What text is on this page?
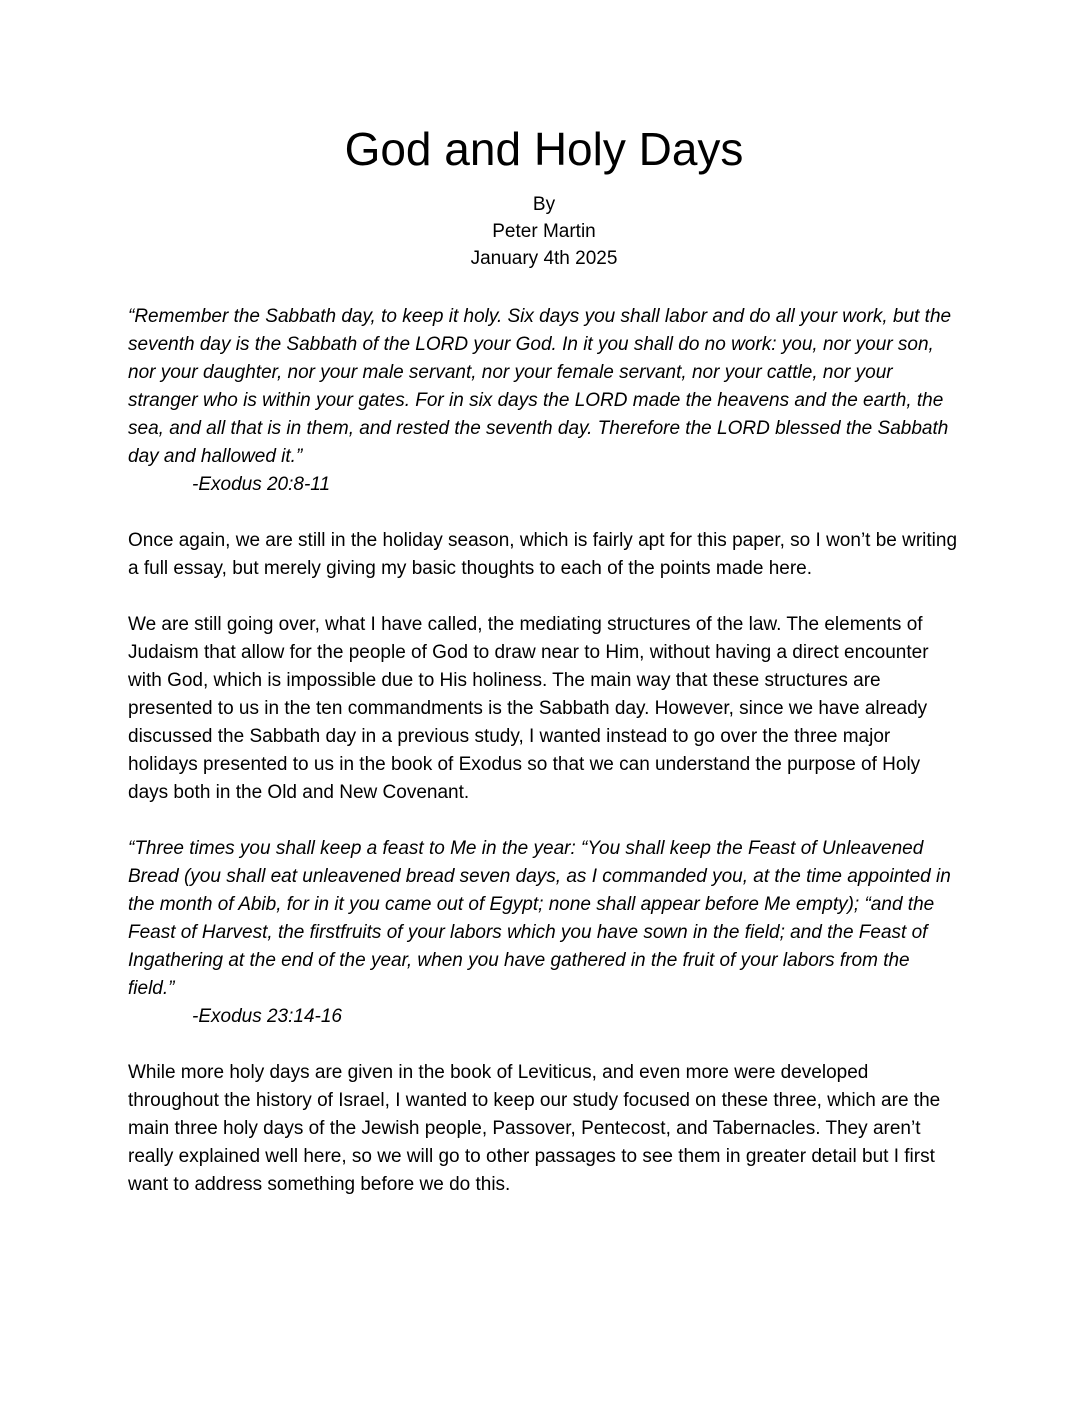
God and Holy Days
By
Peter Martin
January 4th 2025

“Remember the Sabbath day, to keep it holy. Six days you shall labor and do all your work, but the seventh day is the Sabbath of the LORD your God. In it you shall do no work: you, nor your son, nor your daughter, nor your male servant, nor your female servant, nor your cattle, nor your stranger who is within your gates. For in six days the LORD made the heavens and the earth, the sea, and all that is in them, and rested the seventh day. Therefore the LORD blessed the Sabbath day and hallowed it.”

-Exodus 20:8-11

Once again, we are still in the holiday season, which is fairly apt for this paper, so I won’t be writing a full essay, but merely giving my basic thoughts to each of the points made here.

We are still going over, what I have called, the mediating structures of the law. The elements of Judaism that allow for the people of God to draw near to Him, without having a direct encounter with God, which is impossible due to His holiness. The main way that these structures are presented to us in the ten commandments is the Sabbath day. However, since we have already discussed the Sabbath day in a previous study, I wanted instead to go over the three major holidays presented to us in the book of Exodus so that we can understand the purpose of Holy days both in the Old and New Covenant.

“Three times you shall keep a feast to Me in the year: “You shall keep the Feast of Unleavened Bread (you shall eat unleavened bread seven days, as I commanded you, at the time appointed in the month of Abib, for in it you came out of Egypt; none shall appear before Me empty); “and the Feast of Harvest, the firstfruits of your labors which you have sown in the field; and the Feast of Ingathering at the end of the year, when you have gathered in the fruit of your labors from the field.”

-Exodus 23:14-16

While more holy days are given in the book of Leviticus, and even more were developed throughout the history of Israel, I wanted to keep our study focused on these three, which are the main three holy days of the Jewish people, Passover, Pentecost, and Tabernacles. They aren’t really explained well here, so we will go to other passages to see them in greater detail but I first want to address something before we do this.
